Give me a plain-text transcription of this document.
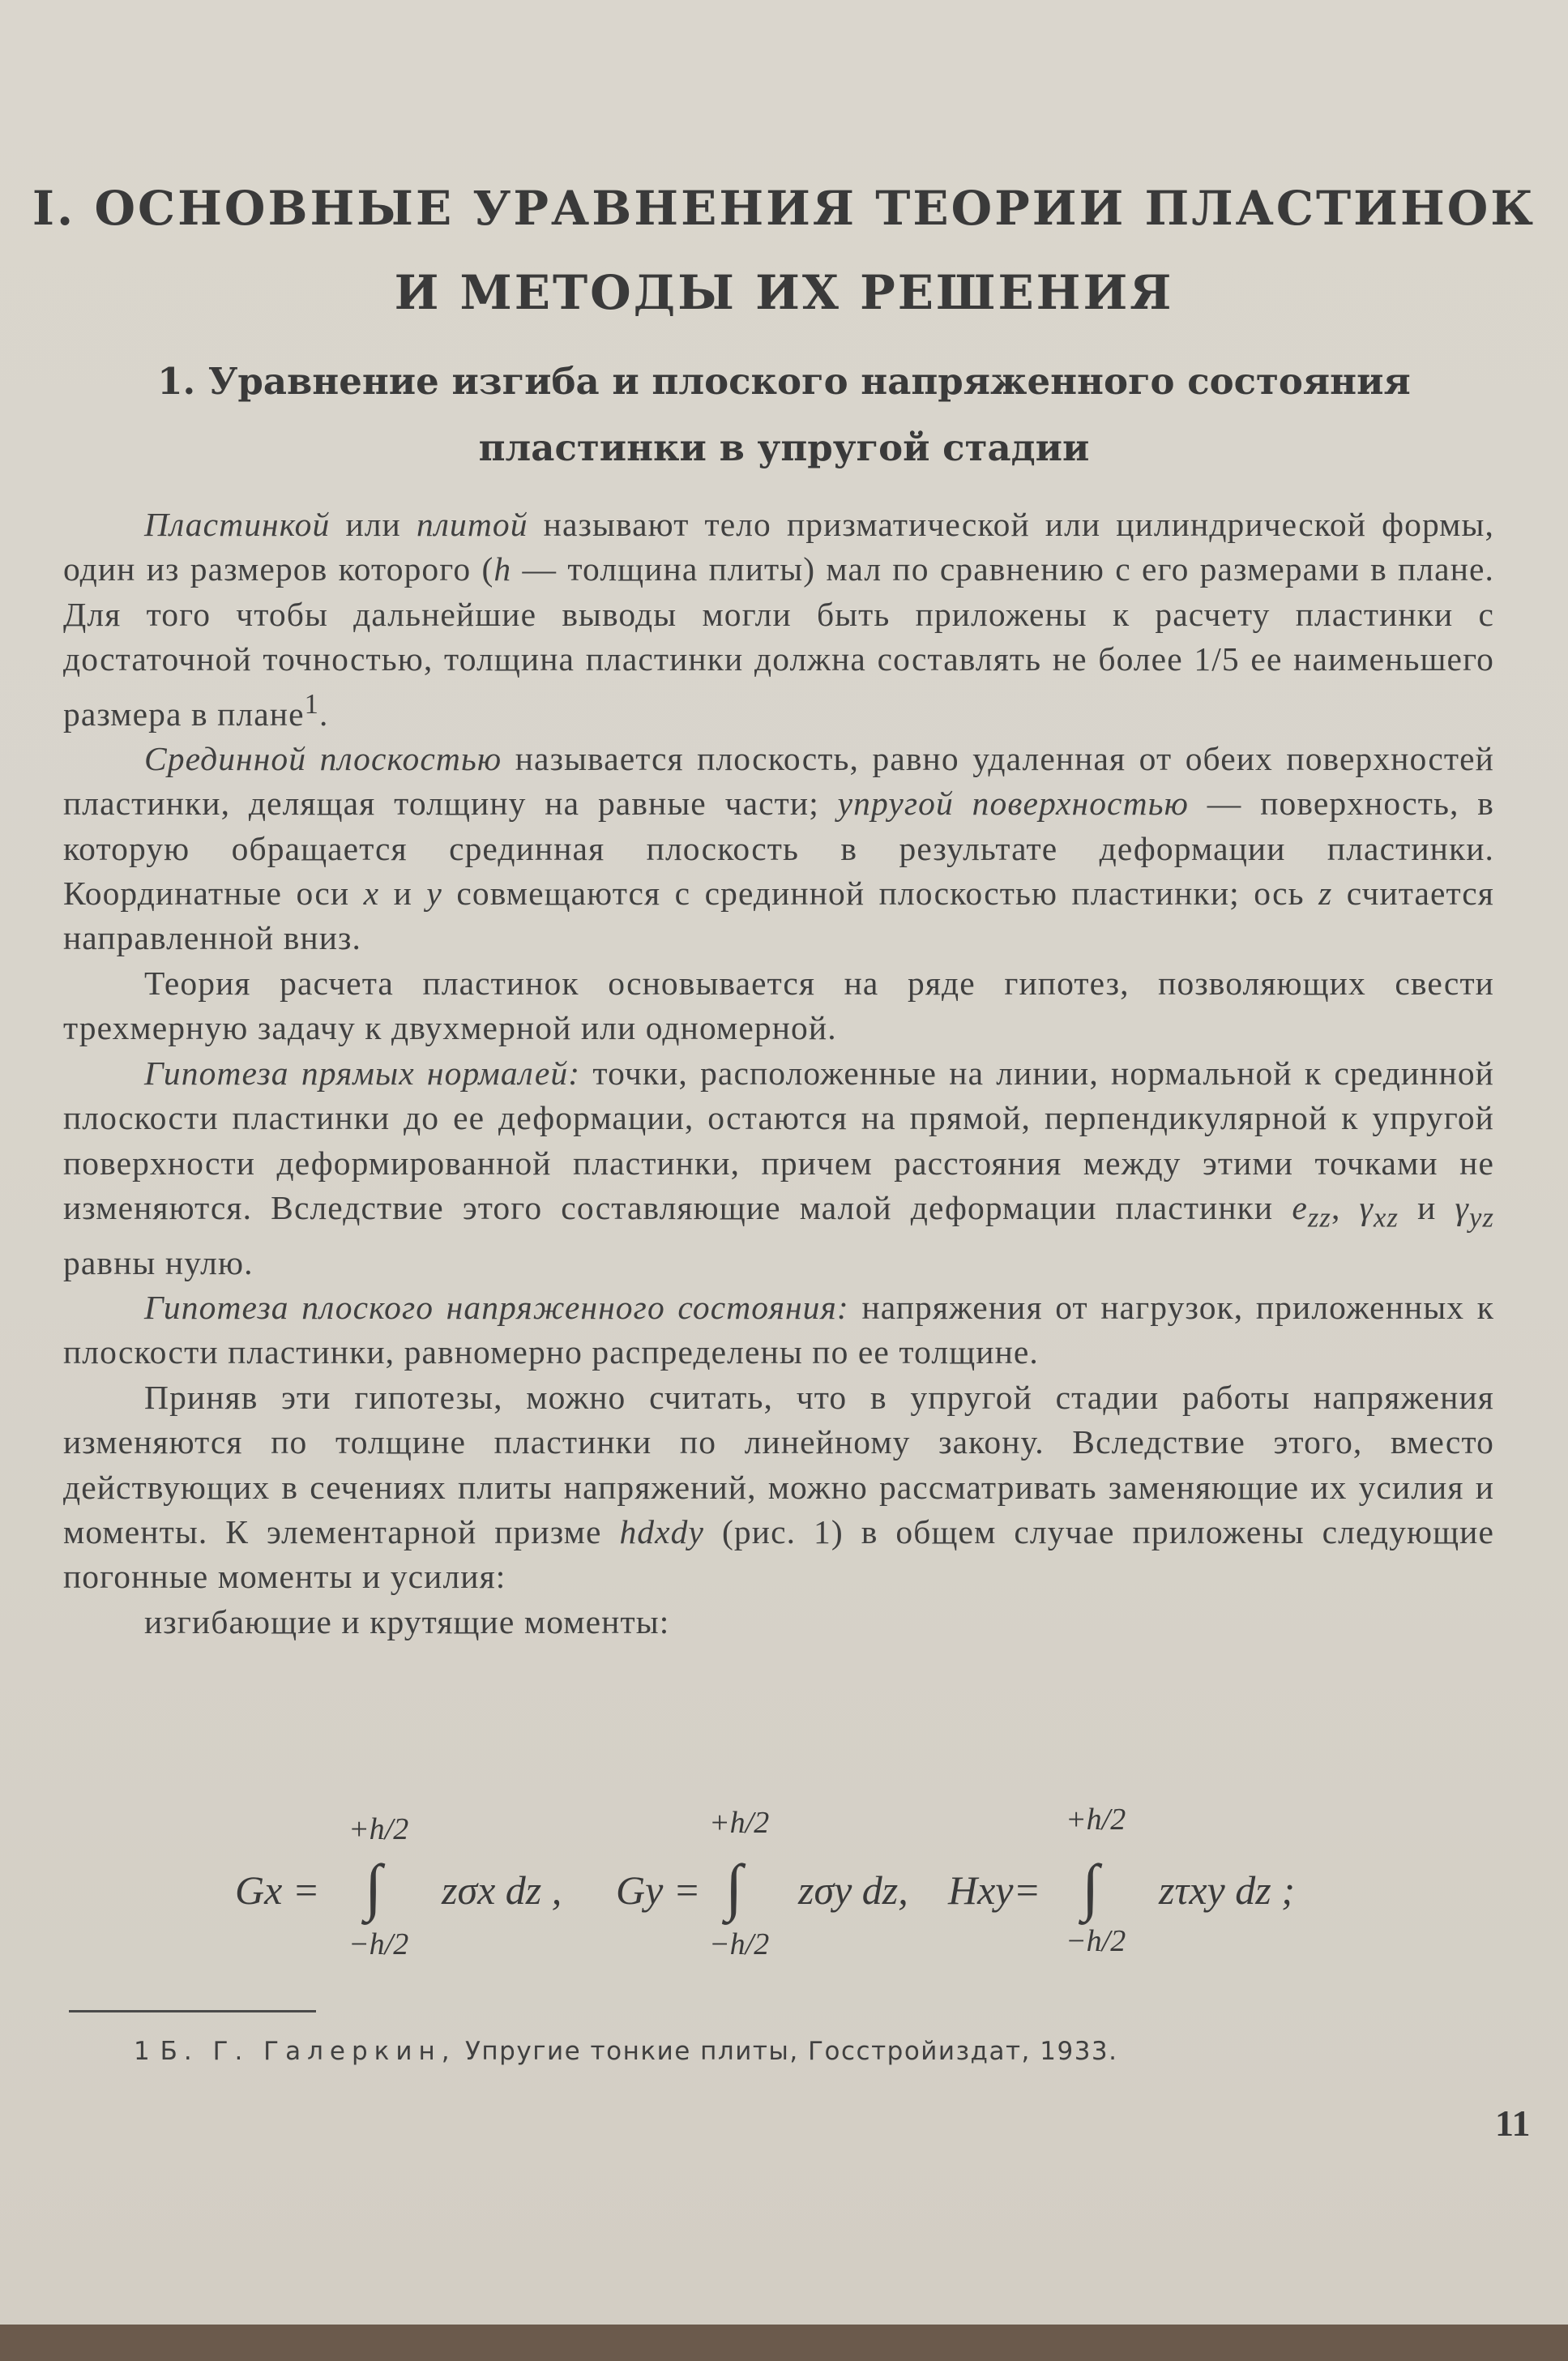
I. ОСНОВНЫЕ УРАВНЕНИЯ ТЕОРИИ ПЛАСТИНОК
И МЕТОДЫ ИХ РЕШЕНИЯ
1. Уравнение изгиба и плоского напряженного состояния
пластинки в упругой стадии

Пластинкой или плитой называют тело призматической или цилиндрической формы, один из размеров которого (h — толщина плиты) мал по сравнению с его размерами в плане. Для того чтобы дальнейшие выводы могли быть приложены к расчету пластинки с достаточной точностью, толщина пластинки должна составлять не более 1/5 ее наименьшего размера в плане$^1$.

Срединной плоскостью называется плоскость, равно удаленная от обеих поверхностей пластинки, делящая толщину на равные части; упругой поверхностью — поверхность, в которую обращается срединная плоскость в результате деформации пластинки. Координатные оси x и y совмещаются с срединной плоскостью пластинки; ось z считается направленной вниз.

Теория расчета пластинок основывается на ряде гипотез, позволяющих свести трехмерную задачу к двухмерной или одномерной.

Гипотеза прямых нормалей: точки, расположенные на линии, нормальной к срединной плоскости пластинки до ее деформации, остаются на прямой, перпендикулярной к упругой поверхности деформированной пластинки, причем расстояния между этими точками не изменяются. Вследствие этого составляющие малой деформации пластинки $e_{zz}$, $\gamma_{xz}$ и $\gamma_{yz}$ равны нулю.

Гипотеза плоского напряженного состояния: напряжения от нагрузок, приложенных к плоскости пластинки, равномерно распределены по ее толщине.

Приняв эти гипотезы, можно считать, что в упругой стадии работы напряжения изменяются по толщине пластинки по линейному закону. Вследствие этого, вместо действующих в сечениях плиты напряжений, можно рассматривать заменяющие их усилия и моменты. К элементарной призме hdxdy (рис. 1) в общем случае приложены следующие погонные моменты и усилия:

изгибающие и крутящие моменты:

Gx =
+h/2
∫
−h/2
zσx dz , Gy =
+h/2
∫
−h/2
zσy dz, Hxy=
+h/2
∫
−h/2
zτxy dz ;
1 Б. Г. Галеркин, Упругие тонкие плиты, Госстройиздат, 1933.
11
